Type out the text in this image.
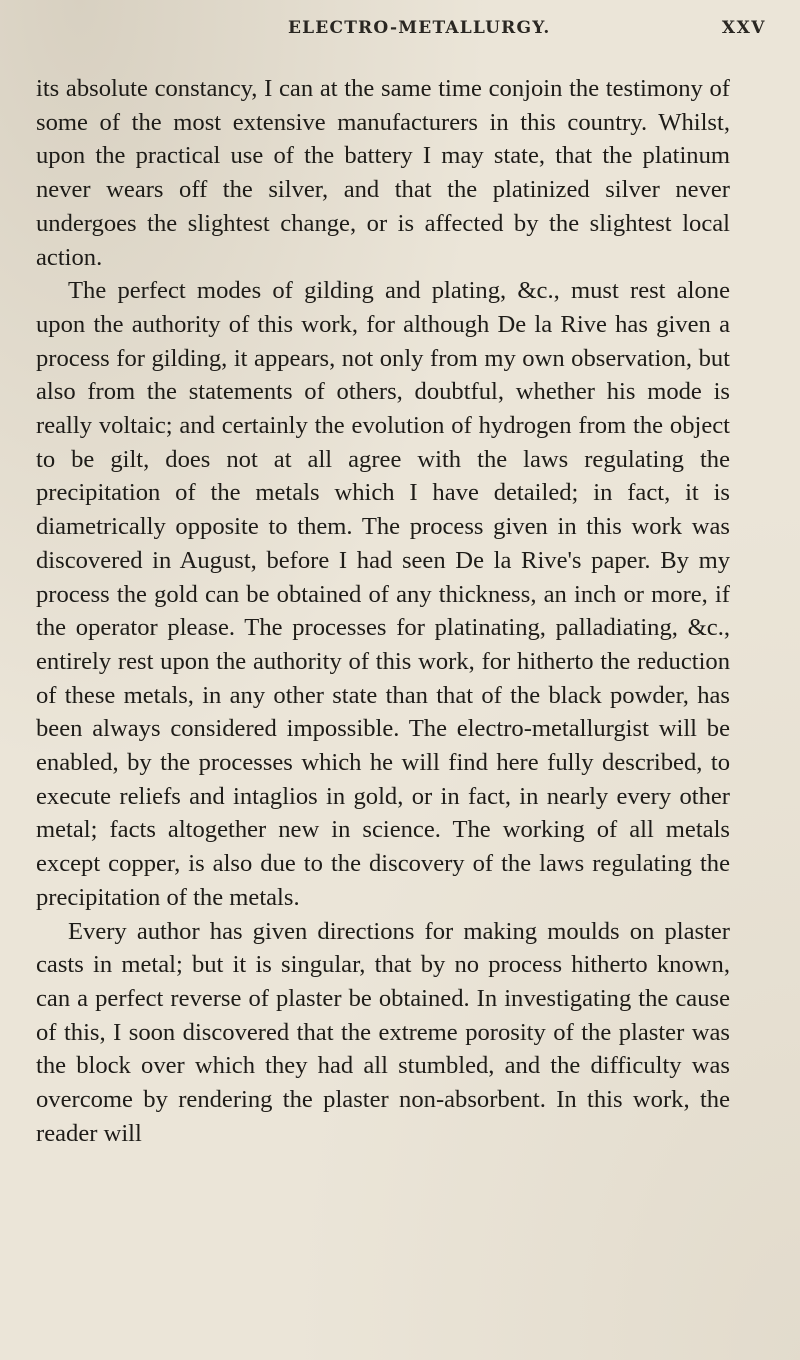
ELECTRO-METALLURGY.	XXV

its absolute constancy, I can at the same time conjoin the testimony of some of the most extensive manufacturers in this country. Whilst, upon the practical use of the battery I may state, that the platinum never wears off the silver, and that the platinized silver never undergoes the slightest change, or is affected by the slightest local action.

The perfect modes of gilding and plating, &c., must rest alone upon the authority of this work, for although De la Rive has given a process for gilding, it appears, not only from my own observation, but also from the statements of others, doubtful, whether his mode is really voltaic; and certainly the evolution of hydrogen from the object to be gilt, does not at all agree with the laws regulating the precipitation of the metals which I have detailed; in fact, it is diametrically opposite to them. The process given in this work was discovered in August, before I had seen De la Rive's paper. By my process the gold can be obtained of any thickness, an inch or more, if the operator please. The processes for platinating, palladiating, &c., entirely rest upon the authority of this work, for hitherto the reduction of these metals, in any other state than that of the black powder, has been always considered impossible. The electro-metallurgist will be enabled, by the processes which he will find here fully described, to execute reliefs and intaglios in gold, or in fact, in nearly every other metal; facts altogether new in science. The working of all metals except copper, is also due to the discovery of the laws regulating the precipitation of the metals.

Every author has given directions for making moulds on plaster casts in metal; but it is singular, that by no process hitherto known, can a perfect reverse of plaster be obtained. In investigating the cause of this, I soon discovered that the extreme porosity of the plaster was the block over which they had all stumbled, and the difficulty was overcome by rendering the plaster non-absorbent. In this work, the reader will
